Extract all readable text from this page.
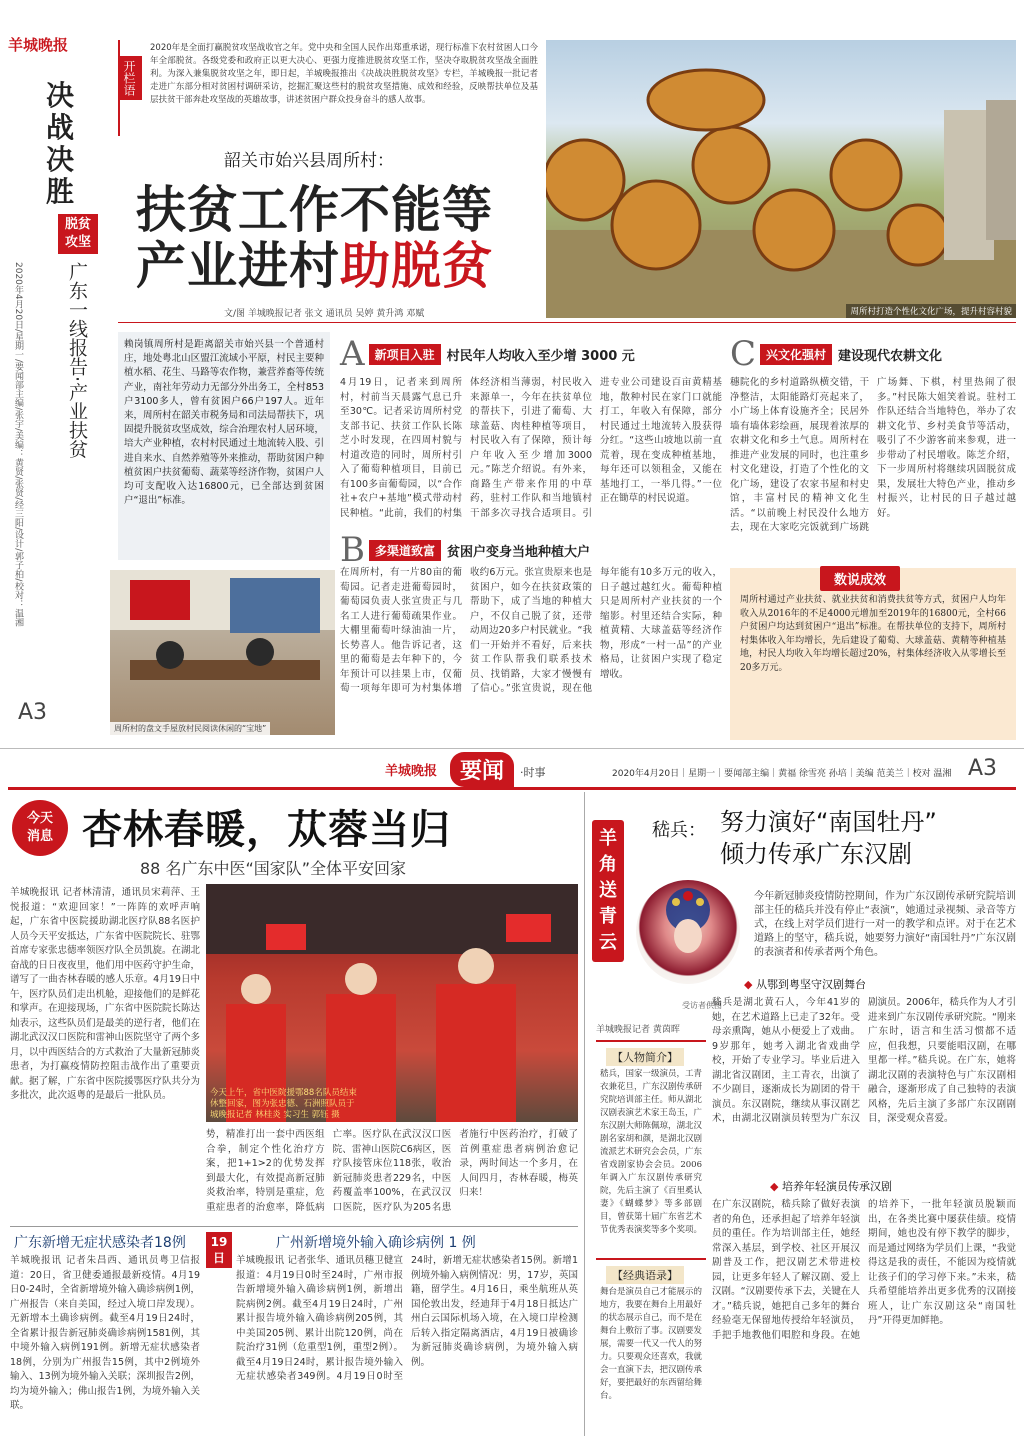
羊城晚报
决
战
决
胜
脱贫
攻坚
广东一线报告·产业扶贫
2020年4月20日/星期一/要闻部主编/张宇/美编：黄贤/张贤/经三阳/设计/郭子柏/校对：温湘
A3
开栏语
2020年是全面打赢脱贫攻坚战收官之年。党中央和全国人民作出郑重承诺，现行标准下农村贫困人口今年全部脱贫。各级党委和政府正以更大决心、更强力度推进脱贫攻坚工作，坚决夺取脱贫攻坚战全面胜利。为深入兼集脱贫攻坚之年，即日起，羊城晚报推出《决战决胜脱贫攻坚》专栏，羊城晚报一批记者走进广东部分相对贫困村调研采访，挖掘汇聚这些村的脱贫攻坚措施、成效和经验，反映帮扶单位及基层扶贫干部奔赴攻坚战的英雄故事，讲述贫困户群众投身奋斗的感人故事。
韶关市始兴县周所村：
扶贫工作不能等
产业进村助脱贫
周所村打造个性化文化广场，提升村容村貌
文/图 羊城晚报记者 张文 通讯员 吴婷 黄升鸿 邓赋
赖岗镇周所村是距离韶关市始兴县一个普通村庄，地处粤北山区盟江流域小平原，村民主要种植水稻、花生、马路等农作物，兼营养畜等传统产业，南社年劳动力无部分外出务工，全村853户3100多人，曾有贫困户66户197人。近年来，周所村在韶关市税务局和司法局帮扶下，巩固提升脱贫攻坚成效，综合治理农村人居环境，培大产业种植，农村村民通过土地流转入股、引进自来水、自然养殖等外来推动，帮助贫困户种植贫困户扶贫葡萄、蔬菜等经济作物，贫困户人均可支配收入达16800元，已全部达到贫困户“退出”标准。
周所村的盘文手屋放村民阅读休闲的“宝地”
A 新项目入驻 村民年人均收入至少增 3000 元
4月19日，记者来到周所村，村前当天晨露气息已升至30℃。记者采访周所村党支部书记、扶贫工作队长陈芝小时发现，在四周村貌与村道改造的同时，周所村引入了葡萄种植项目，目前已有100多亩葡萄园，以“合作社+农户+基地”模式带动村民种植。“此前，我们的村集体经济相当薄弱，村民收入来源单一，今年在扶贫单位的帮扶下，引进了葡萄、大球盖菇、肉桂种植等项目，村民收入有了保障，预计每户年收入至少增加3000元。”陈芝介绍说。有外来，商路生产带来作用的中草药，驻村工作队和当地镇村干部多次寻找合适项目。引进专业公司建设百亩黄精基地，散种村民在家门口就能打工，年收入有保障，部分村民通过土地流转入股获得分红。“这些山坡地以前一直荒着，现在变成种植基地，每年还可以领租金，又能在基地打工，一举几得。”一位正在锄草的村民说道。
B 多渠道致富 贫困户变身当地种植大户
在周所村，有一片80亩的葡萄园。记者走进葡萄园时，葡萄园负责人张宣贵正与几名工人进行葡萄疏果作业。大棚里葡萄叶绿油油一片，长势喜人。他告诉记者，这里的葡萄是去年种下的，今年预计可以挂果上市，仅葡萄一项每年即可为村集体增收约6万元。张宣贵原来也是贫困户，如今在扶贫政策的帮助下，成了当地的种植大户，不仅自己脱了贫，还带动周边20多户村民就业。“我们一开始并不看好，后来扶贫工作队帮我们联系技术员、找销路，大家才慢慢有了信心。”张宣贵说，现在他每年能有10多万元的收入，日子越过越红火。葡萄种植只是周所村产业扶贫的一个缩影。村里还结合实际，种植黄精、大球盖菇等经济作物，形成“一村一品”的产业格局，让贫困户实现了稳定增收。
C 兴文化强村 建设现代农耕文化
穗院化的乡村道路纵横交错，干净整洁，太阳能路灯亮起来了，小广场上体育设施齐全；民居外墙有墙体彩绘画，展现着浓厚的农耕文化和乡土气息。周所村在推进产业发展的同时，也注重乡村文化建设，打造了个性化的文化广场，建设了农家书屋和村史馆，丰富村民的精神文化生活。“以前晚上村民没什么地方去，现在大家吃完饭就到广场跳广场舞、下棋，村里热闹了很多。”村民陈大姐笑着说。驻村工作队还结合当地特色，举办了农耕文化节、乡村美食节等活动，吸引了不少游客前来参观，进一步带动了村民增收。陈芝介绍，下一步周所村将继续巩固脱贫成果，发展壮大特色产业，推动乡村振兴，让村民的日子越过越好。
数说成效
周所村通过产业扶贫、就业扶贫和消费扶贫等方式，贫困户人均年收入从2016年的不足4000元增加至2019年的16800元，全村66户贫困户均达到贫困户“退出”标准。在帮扶单位的支持下，周所村村集体收入年均增长，先后建设了葡萄、大球盖菇、黄精等种植基地，村民人均收入年均增长超过20%，村集体经济收入从零增长至20多万元。
羊城晚报	要闻	·时事	2020年4月20日｜星期一｜要闻部主编｜黄福 徐雪亮 孙培｜美编 范美兰｜校对 温湘 A3
今天
消息 杏林春暖，苁蓉当归
88 名广东中医“国家队”全体平安回家
羊城晚报讯 记者林清清，通讯员宋莉萍、王悦报道：“欢迎回家！”一阵阵的欢呼声响起，广东省中医院援助湖北医疗队88名医护人员今天平安抵达，广东省中医院院长、驻鄂首席专家张忠德率领医疗队全员凯旋。在湖北奋战的日日夜夜里，他们用中医药守护生命，谱写了一曲杏林春暖的感人乐章。4月19日中午，医疗队员们走出机舱，迎接他们的是鲜花和掌声。在迎接现场，广东省中医院院长陈达灿表示，这些队员们是最美的逆行者，他们在湖北武汉汉口医院和雷神山医院坚守了两个多月，以中西医结合的方式救治了大量新冠肺炎患者，为打赢疫情防控阻击战作出了重要贡献。据了解，广东省中医院援鄂医疗队共分为多批次，此次返粤的是最后一批队员。	今天上午，省中医院援鄂88名队员结束休整回家，图为张忠德、石洲照队员于城晚报记者 林桂炎 实习生 郭钰 摄
势，精准打出一套中西医组合拳，制定个性化治疗方案，把1+1>2的优势发挥到最大化，有效提高新冠肺炎救治率，特别是重症，危重症患者的治愈率，降低病亡率。医疗队在武汉汉口医院、雷神山医院C6病区，医疗队接管床位118张，收治新冠肺炎患者229名，中医药覆盖率100%，在武汉汉口医院，医疗队为205名患者施行中医药治疗，打破了首例重症患者病例治愈记录，两时间达一个多月，在人间四月，杏林春暖，梅英归来！
广东新增无症状感染者18例
羊城晚报讯 记者朱昌西、通讯员粤卫信报道：20日，省卫健委通报最新疫情。4月19日0-24时，全省新增境外输入确诊病例1例，广州报告（来自美国，经过入境口岸发现）。无新增本土确诊病例。截至4月19日24时，全省累计报告新冠肺炎确诊病例1581例，其中境外输入病例191例。新增无症状感染者18例，分别为广州报告15例，其中2例境外输入、13例为境外输入关联；深圳报告2例，均为境外输入；佛山报告1例，为境外输入关联。
19
日
广州新增境外输入确诊病例 1 例
羊城晚报讯 记者张华、通讯员穗卫健宣报道：4月19日0时至24时，广州市报告新增境外输入确诊病例1例，新增出院病例2例。截至4月19日24时，广州累计报告境外输入确诊病例205例，其中美国205例、累计出院120例，尚在院治疗31例（危重型1例，重型2例）。截至4月19日24时，累计报告境外输入无症状感染者349例。4月19日0时至24时，新增无症状感染者15例。新增1例境外输入病例情况：男，17岁，英国籍，留学生。4月16日，乘坐航班从英国伦敦出发，经迪拜于4月18日抵达广州白云国际机场入境，在入境口岸检测后转入指定隔离酒店，4月19日被确诊为新冠肺炎确诊病例，为境外输入病例。
羊
角
送
青
云
嵇兵： 努力演好“南国牡丹”
倾力传承广东汉剧
受访者供图
今年新冠肺炎疫情防控期间，作为广东汉剧传承研究院培训部主任的嵇兵并没有停止“表演”，她通过录视频、录音等方式，在线上对学员们进行一对一的教学和点评。对于在艺术道路上的坚守，嵇兵说，她要努力演好“南国牡丹”广东汉剧的表演者和传承者两个角色。
◆ 从鄂到粤坚守汉剧舞台
羊城晚报记者 黄茵晖
【人物简介】
嵇兵，国家一级演员，工青衣兼花旦，广东汉剧传承研究院培训部主任。师从湖北汉剧表演艺术家王岛玉，广东汉剧大师陈佩琼，湖北汉剧名家胡和颜，是湖北汉剧流派艺术研究会会员，广东省戏剧家协会会员。2006年调入广东汉剧传承研究院，先后主演了《百里奚认妻》《蝴蝶梦》等多部剧目，曾获第十届广东省艺术节优秀表演奖等多个奖项。
【经典语录】
舞台是演员自己才能展示的地方，我要在舞台上用最好的状态展示自己，而不是在舞台上敷衍了事。汉剧要发展，需要一代又一代人的努力。只要观众还喜欢，我就会一直演下去，把汉剧传承好，要把最好的东西留给舞台。
嵇兵是湖北黄石人，今年41岁的她，在艺术道路上已走了32年。受母亲熏陶，她从小便爱上了戏曲。9岁那年，她考入湖北省戏曲学校，开始了专业学习。毕业后进入湖北省汉剧团，主工青衣，出演了不少剧目，逐渐成长为剧团的骨干演员。东汉剧院，继续从事汉剧艺术，由湖北汉剧演员转型为广东汉剧演员。2006年，嵇兵作为人才引进来到广东汉剧传承研究院。“刚来广东时，语言和生活习惯都不适应，但我想，只要能唱汉剧，在哪里都一样。”嵇兵说。在广东，她将湖北汉剧的表演特色与广东汉剧相融合，逐渐形成了自己独特的表演风格，先后主演了多部广东汉剧剧目，深受观众喜爱。
◆ 培养年轻演员传承汉剧
在广东汉剧院，嵇兵除了做好表演者的角色，还承担起了培养年轻演员的重任。作为培训部主任，她经常深入基层，到学校、社区开展汉剧普及工作，把汉剧艺术带进校园，让更多年轻人了解汉剧、爱上汉剧。“汉剧要传承下去，关键在人才。”嵇兵说，她把自己多年的舞台经验毫无保留地传授给年轻演员，手把手地教他们唱腔和身段。在她的培养下，一批年轻演员脱颖而出，在各类比赛中屡获佳绩。疫情期间，她也没有停下教学的脚步，而是通过网络为学员们上课，“我觉得这是我的责任，不能因为疫情就让孩子们的学习停下来。”未来，嵇兵希望能培养出更多优秀的汉剧接班人，让广东汉剧这朵“南国牡丹”开得更加鲜艳。
